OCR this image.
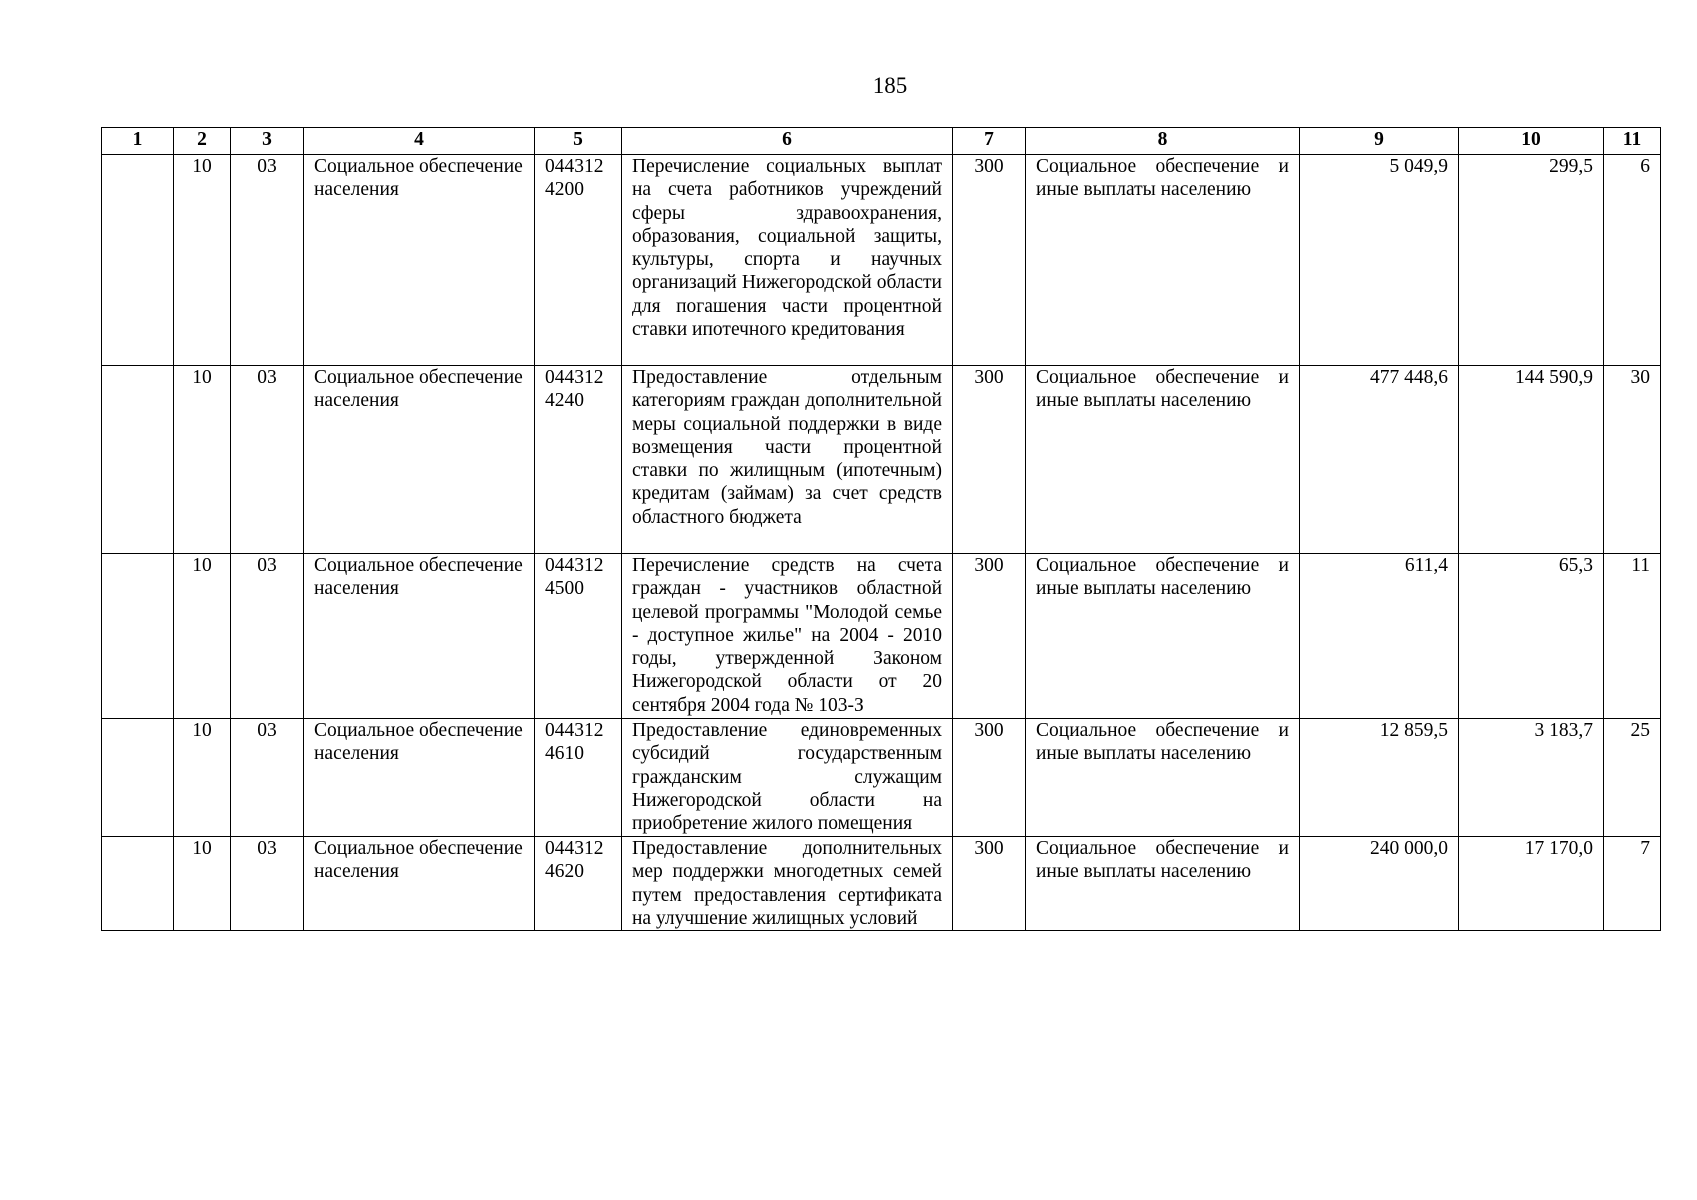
185
1	2	3	4	5	6	7	8	9	10	11
	10	03	Социальное обеспечение населения	0443124200	Перечисление социальных выплат на счета работников учреждений сферы здравоохранения, образования, социальной защиты, культуры, спорта и научных организаций Нижегородской области для погашения части процентной ставки ипотечного кредитования	300	Социальное обеспечение и иные выплаты населению	5 049,9	299,5	6
	10	03	Социальное обеспечение населения	0443124240	Предоставление отдельным категориям граждан дополнительной меры социальной поддержки в виде возмещения части процентной ставки по жилищным (ипотечным) кредитам (займам) за счет средств областного бюджета	300	Социальное обеспечение и иные выплаты населению	477 448,6	144 590,9	30
	10	03	Социальное обеспечение населения	0443124500	Перечисление средств на счета граждан - участников областной целевой программы "Молодой семье - доступное жилье" на 2004 - 2010 годы, утвержденной Законом Нижегородской области от 20 сентября 2004 года № 103-З	300	Социальное обеспечение и иные выплаты населению	611,4	65,3	11
	10	03	Социальное обеспечение населения	0443124610	Предоставление единовременных субсидий государственным гражданским служащим Нижегородской области на приобретение жилого помещения	300	Социальное обеспечение и иные выплаты населению	12 859,5	3 183,7	25
	10	03	Социальное обеспечение населения	0443124620	Предоставление дополнительных мер поддержки многодетных семей путем предоставления сертификата на улучшение жилищных условий	300	Социальное обеспечение и иные выплаты населению	240 000,0	17 170,0	7
